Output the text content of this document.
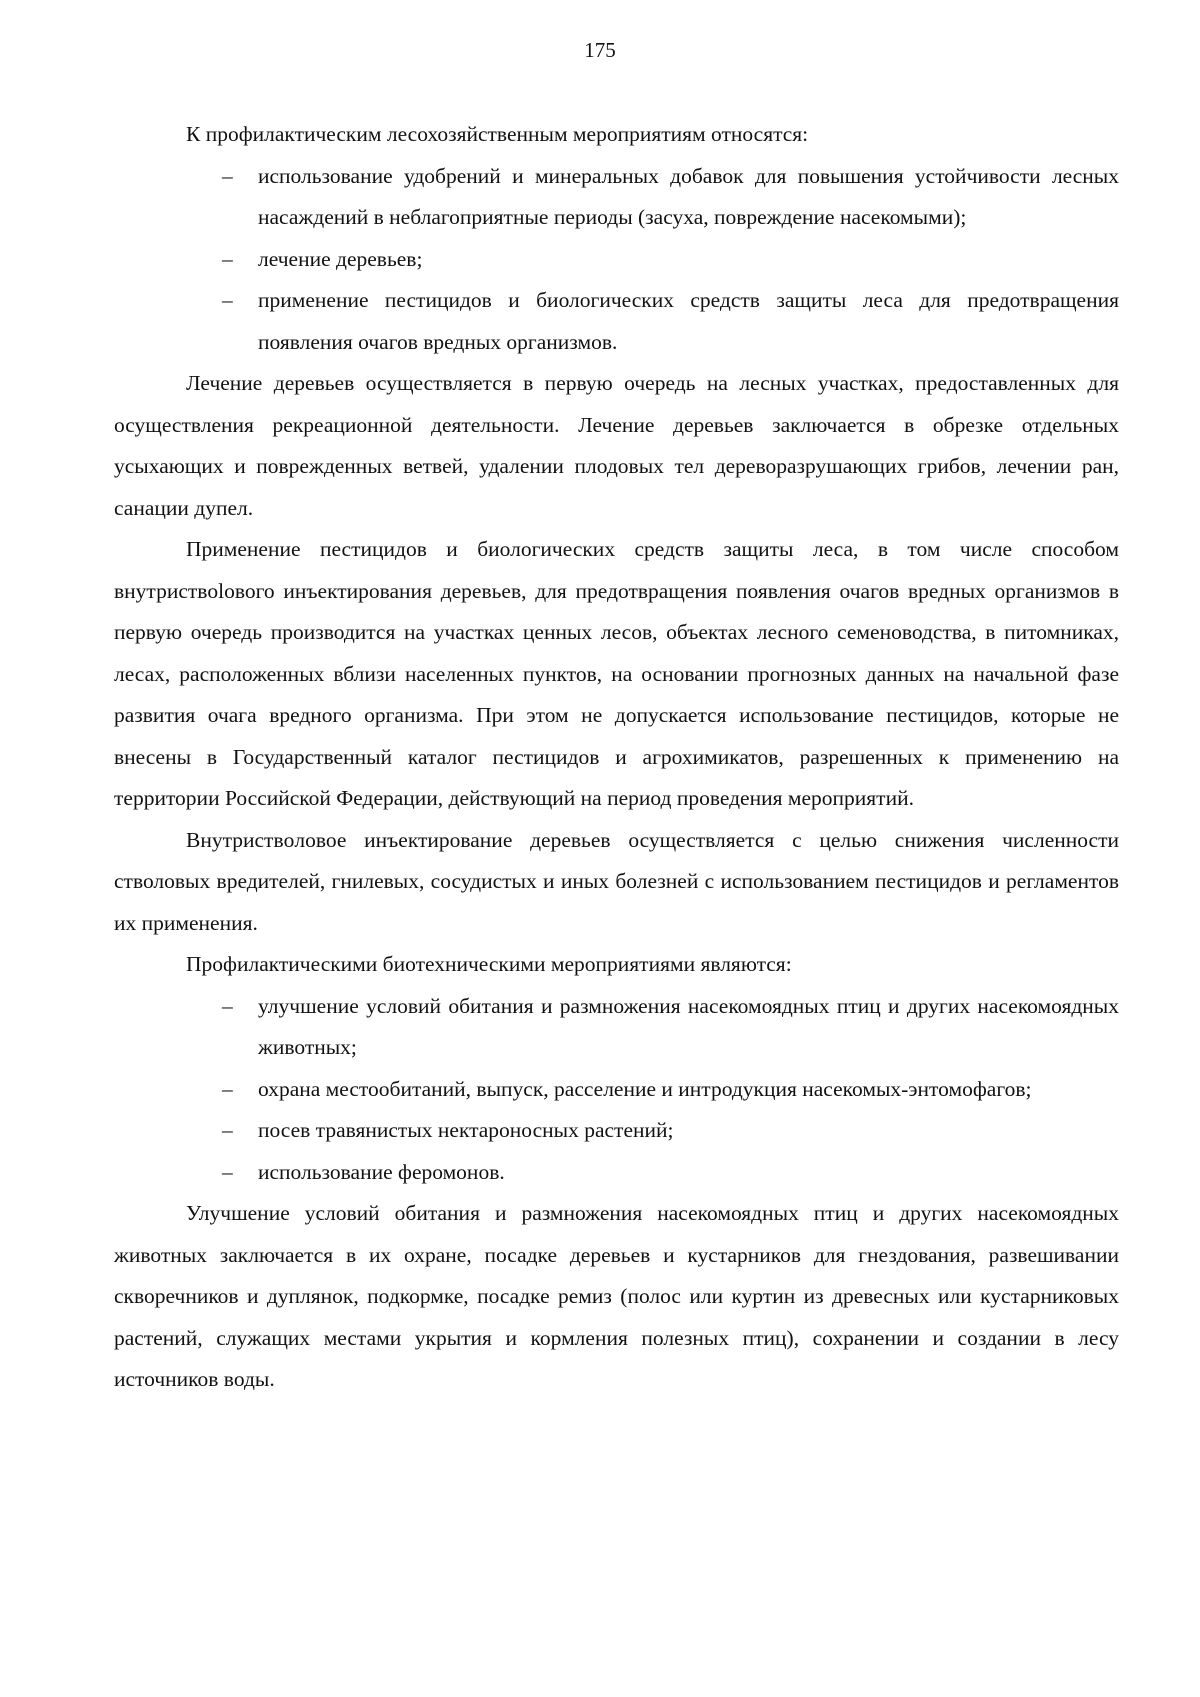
175

К профилактическим лесохозяйственным мероприятиям относятся:

– использование удобрений и минеральных добавок для повышения устойчивости лесных насаждений в неблагоприятные периоды (засуха, повреждение насекомыми);
– лечение деревьев;
– применение пестицидов и биологических средств защиты леса для предотвращения появления очагов вредных организмов.

Лечение деревьев осуществляется в первую очередь на лесных участках, предоставленных для осуществления рекреационной деятельности. Лечение деревьев заключается в обрезке отдельных усыхающих и поврежденных ветвей, удалении плодовых тел дереворазрушающих грибов, лечении ран, санации дупел.

Применение пестицидов и биологических средств защиты леса, в том числе способом внутриствolового инъектирования деревьев, для предотвращения появления очагов вредных организмов в первую очередь производится на участках ценных лесов, объектах лесного семеноводства, в питомниках, лесах, расположенных вблизи населенных пунктов, на основании прогнозных данных на начальной фазе развития очага вредного организма. При этом не допускается использование пестицидов, которые не внесены в Государственный каталог пестицидов и агрохимикатов, разрешенных к применению на территории Российской Федерации, действующий на период проведения мероприятий.

Внутриствoловое инъектирование деревьев осуществляется с целью снижения численности стволовых вредителей, гнилевых, сосудистых и иных болезней с использованием пестицидов и регламентов их применения.

Профилактическими биотехническими мероприятиями являются:

– улучшение условий обитания и размножения насекомоядных птиц и других насекомоядных животных;
– охрана местообитаний, выпуск, расселение и интродукция насекомых-энтомофагов;
– посев травянистых нектароносных растений;
– использование феромонов.

Улучшение условий обитания и размножения насекомоядных птиц и других насекомоядных животных заключается в их охране, посадке деревьев и кустарников для гнездования, развешивании скворечников и дуплянок, подкормке, посадке ремиз (полос или куртин из древесных или кустарниковых растений, служащих местами укрытия и кормления полезных птиц), сохранении и создании в лесу источников воды.
